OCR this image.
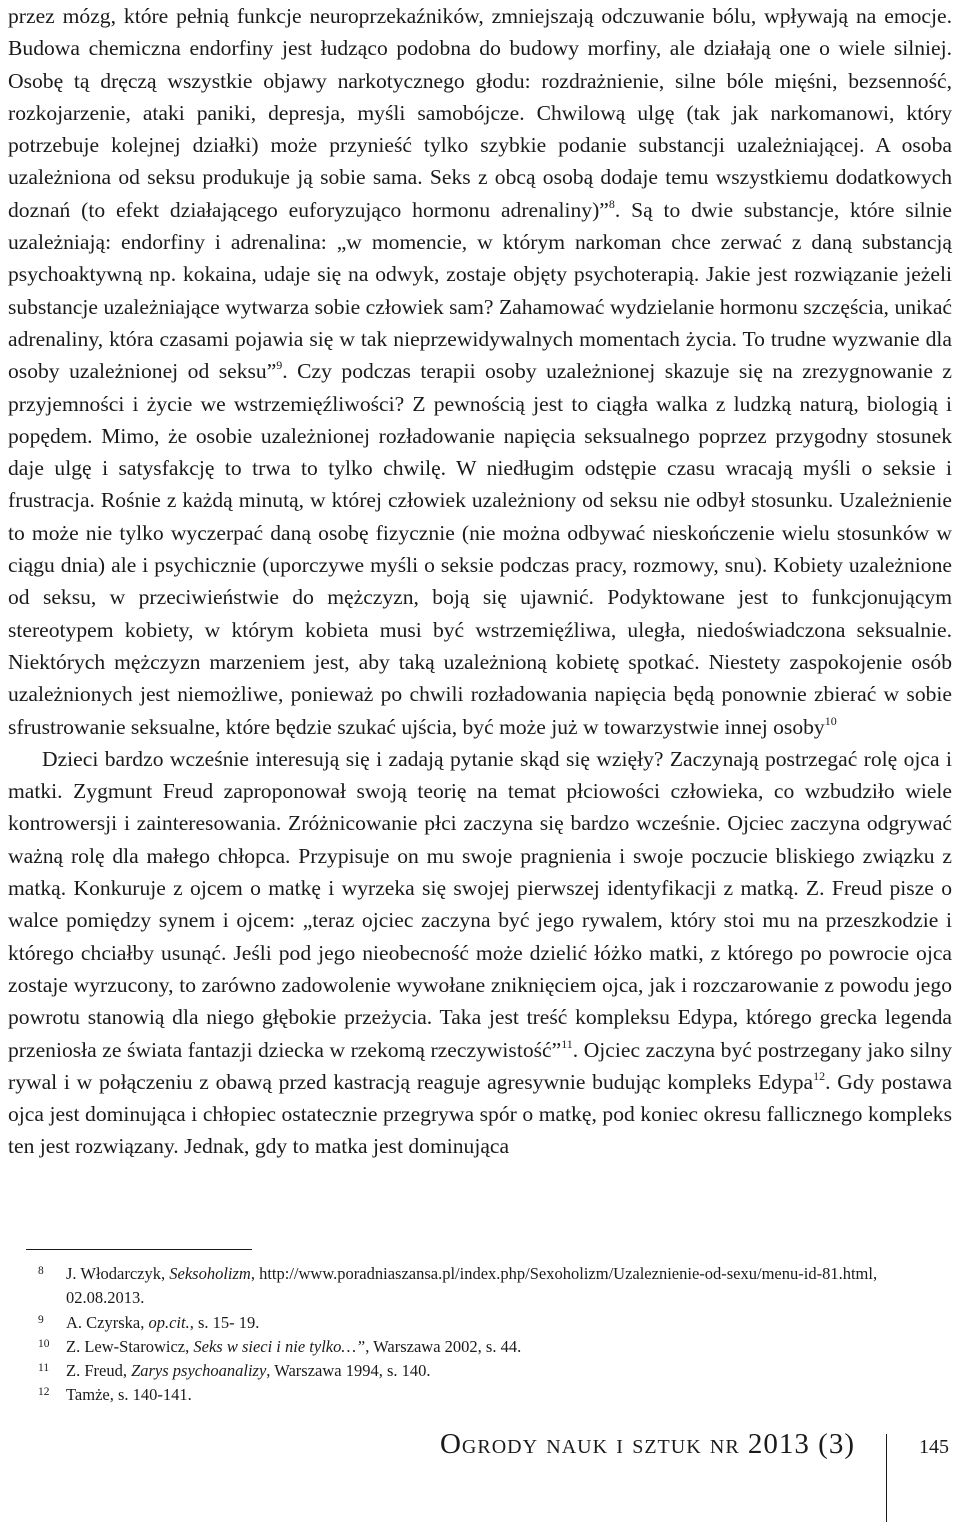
przez mózg, które pełnią funkcje neuroprzekaźników, zmniejszają odczuwanie bólu, wpływają na emocje. Budowa chemiczna endorfiny jest łudząco podobna do budowy morfiny, ale działają one o wiele silniej. Osobę tą dręczą wszystkie objawy narkotycznego głodu: rozdrażnienie, silne bóle mięśni, bezsenność, rozkojarzenie, ataki paniki, depresja, myśli samobójcze. Chwilową ulgę (tak jak narkomanowi, który potrzebuje kolejnej działki) może przynieść tylko szybkie podanie substancji uzależniającej. A osoba uzależniona od seksu produkuje ją sobie sama. Seks z obcą osobą dodaje temu wszystkiemu dodatkowych doznań (to efekt działającego euforyzująco hormonu adrenaliny)”$^8$. Są to dwie substancje, które silnie uzależniają: endorfiny i adrenalina: „w momencie, w którym narkoman chce zerwać z daną substancją psychoaktywną np. kokaina, udaje się na odwyk, zostaje objęty psychoterapią. Jakie jest rozwiązanie jeżeli substancje uzależniające wytwarza sobie człowiek sam? Zahamować wydzielanie hormonu szczęścia, unikać adrenaliny, która czasami pojawia się w tak nieprzewidywalnych momentach życia. To trudne wyzwanie dla osoby uzależnionej od seksu”$^9$. Czy podczas terapii osoby uzależnionej skazuje się na zrezygnowanie z przyjemności i życie we wstrzemięźliwości? Z pewnością jest to ciągła walka z ludzką naturą, biologią i popędem. Mimo, że osobie uzależnionej rozładowanie napięcia seksualnego poprzez przygodny stosunek daje ulgę i satysfakcję to trwa to tylko chwilę. W niedługim odstępie czasu wracają myśli o seksie i frustracja. Rośnie z każdą minutą, w której człowiek uzależniony od seksu nie odbył stosunku. Uzależnienie to może nie tylko wyczerpać daną osobę fizycznie (nie można odbywać nieskończenie wielu stosunków w ciągu dnia) ale i psychicznie (uporczywe myśli o seksie podczas pracy, rozmowy, snu). Kobiety uzależnione od seksu, w przeciwieństwie do mężczyzn, boją się ujawnić. Podyktowane jest to funkcjonującym stereotypem kobiety, w którym kobieta musi być wstrzemięźliwa, uległa, niedoświadczona seksualnie. Niektórych mężczyzn marzeniem jest, aby taką uzależnioną kobietę spotkać. Niestety zaspokojenie osób uzależnionych jest niemożliwe, ponieważ po chwili rozładowania napięcia będą ponownie zbierać w sobie sfrustrowanie seksualne, które będzie szukać ujścia, być może już w towarzystwie innej osoby$^{10}$

Dzieci bardzo wcześnie interesują się i zadają pytanie skąd się wzięły? Zaczynają postrzegać rolę ojca i matki. Zygmunt Freud zaproponował swoją teorię na temat płciowości człowieka, co wzbudziło wiele kontrowersji i zainteresowania. Zróżnicowanie płci zaczyna się bardzo wcześnie. Ojciec zaczyna odgrywać ważną rolę dla małego chłopca. Przypisuje on mu swoje pragnienia i swoje poczucie bliskiego związku z matką. Konkuruje z ojcem o matkę i wyrzeka się swojej pierwszej identyfikacji z matką. Z. Freud pisze o walce pomiędzy synem i ojcem: „teraz ojciec zaczyna być jego rywalem, który stoi mu na przeszkodzie i którego chciałby usunąć. Jeśli pod jego nieobecność może dzielić łóżko matki, z którego po powrocie ojca zostaje wyrzucony, to zarówno zadowolenie wywołane zniknięciem ojca, jak i rozczarowanie z powodu jego powrotu stanowią dla niego głębokie przeżycia. Taka jest treść kompleksu Edypa, którego grecka legenda przeniosła ze świata fantazji dziecka w rzekomą rzeczywistość”$^{11}$. Ojciec zaczyna być postrzegany jako silny rywal i w połączeniu z obawą przed kastracją reaguje agresywnie budując kompleks Edypa$^{12}$. Gdy postawa ojca jest dominująca i chłopiec ostatecznie przegrywa spór o matkę, pod koniec okresu fallicznego kompleks ten jest rozwiązany. Jednak, gdy to matka jest dominująca

8 J. Włodarczyk, Seksoholizm, http://www.poradniaszansa.pl/index.php/Sexoholizm/Uzaleznienie-od-sexu/menu-id-81.html, 02.08.2013.

9 A. Czyrska, op.cit., s. 15- 19.

10 Z. Lew-Starowicz, Seks w sieci i nie tylko…”, Warszawa 2002, s. 44.

11 Z. Freud, Zarys psychoanalizy, Warszawa 1994, s. 140.

12 Tamże, s. 140-141.

Ogrody nauk i sztuk nr 2013 (3)	145
